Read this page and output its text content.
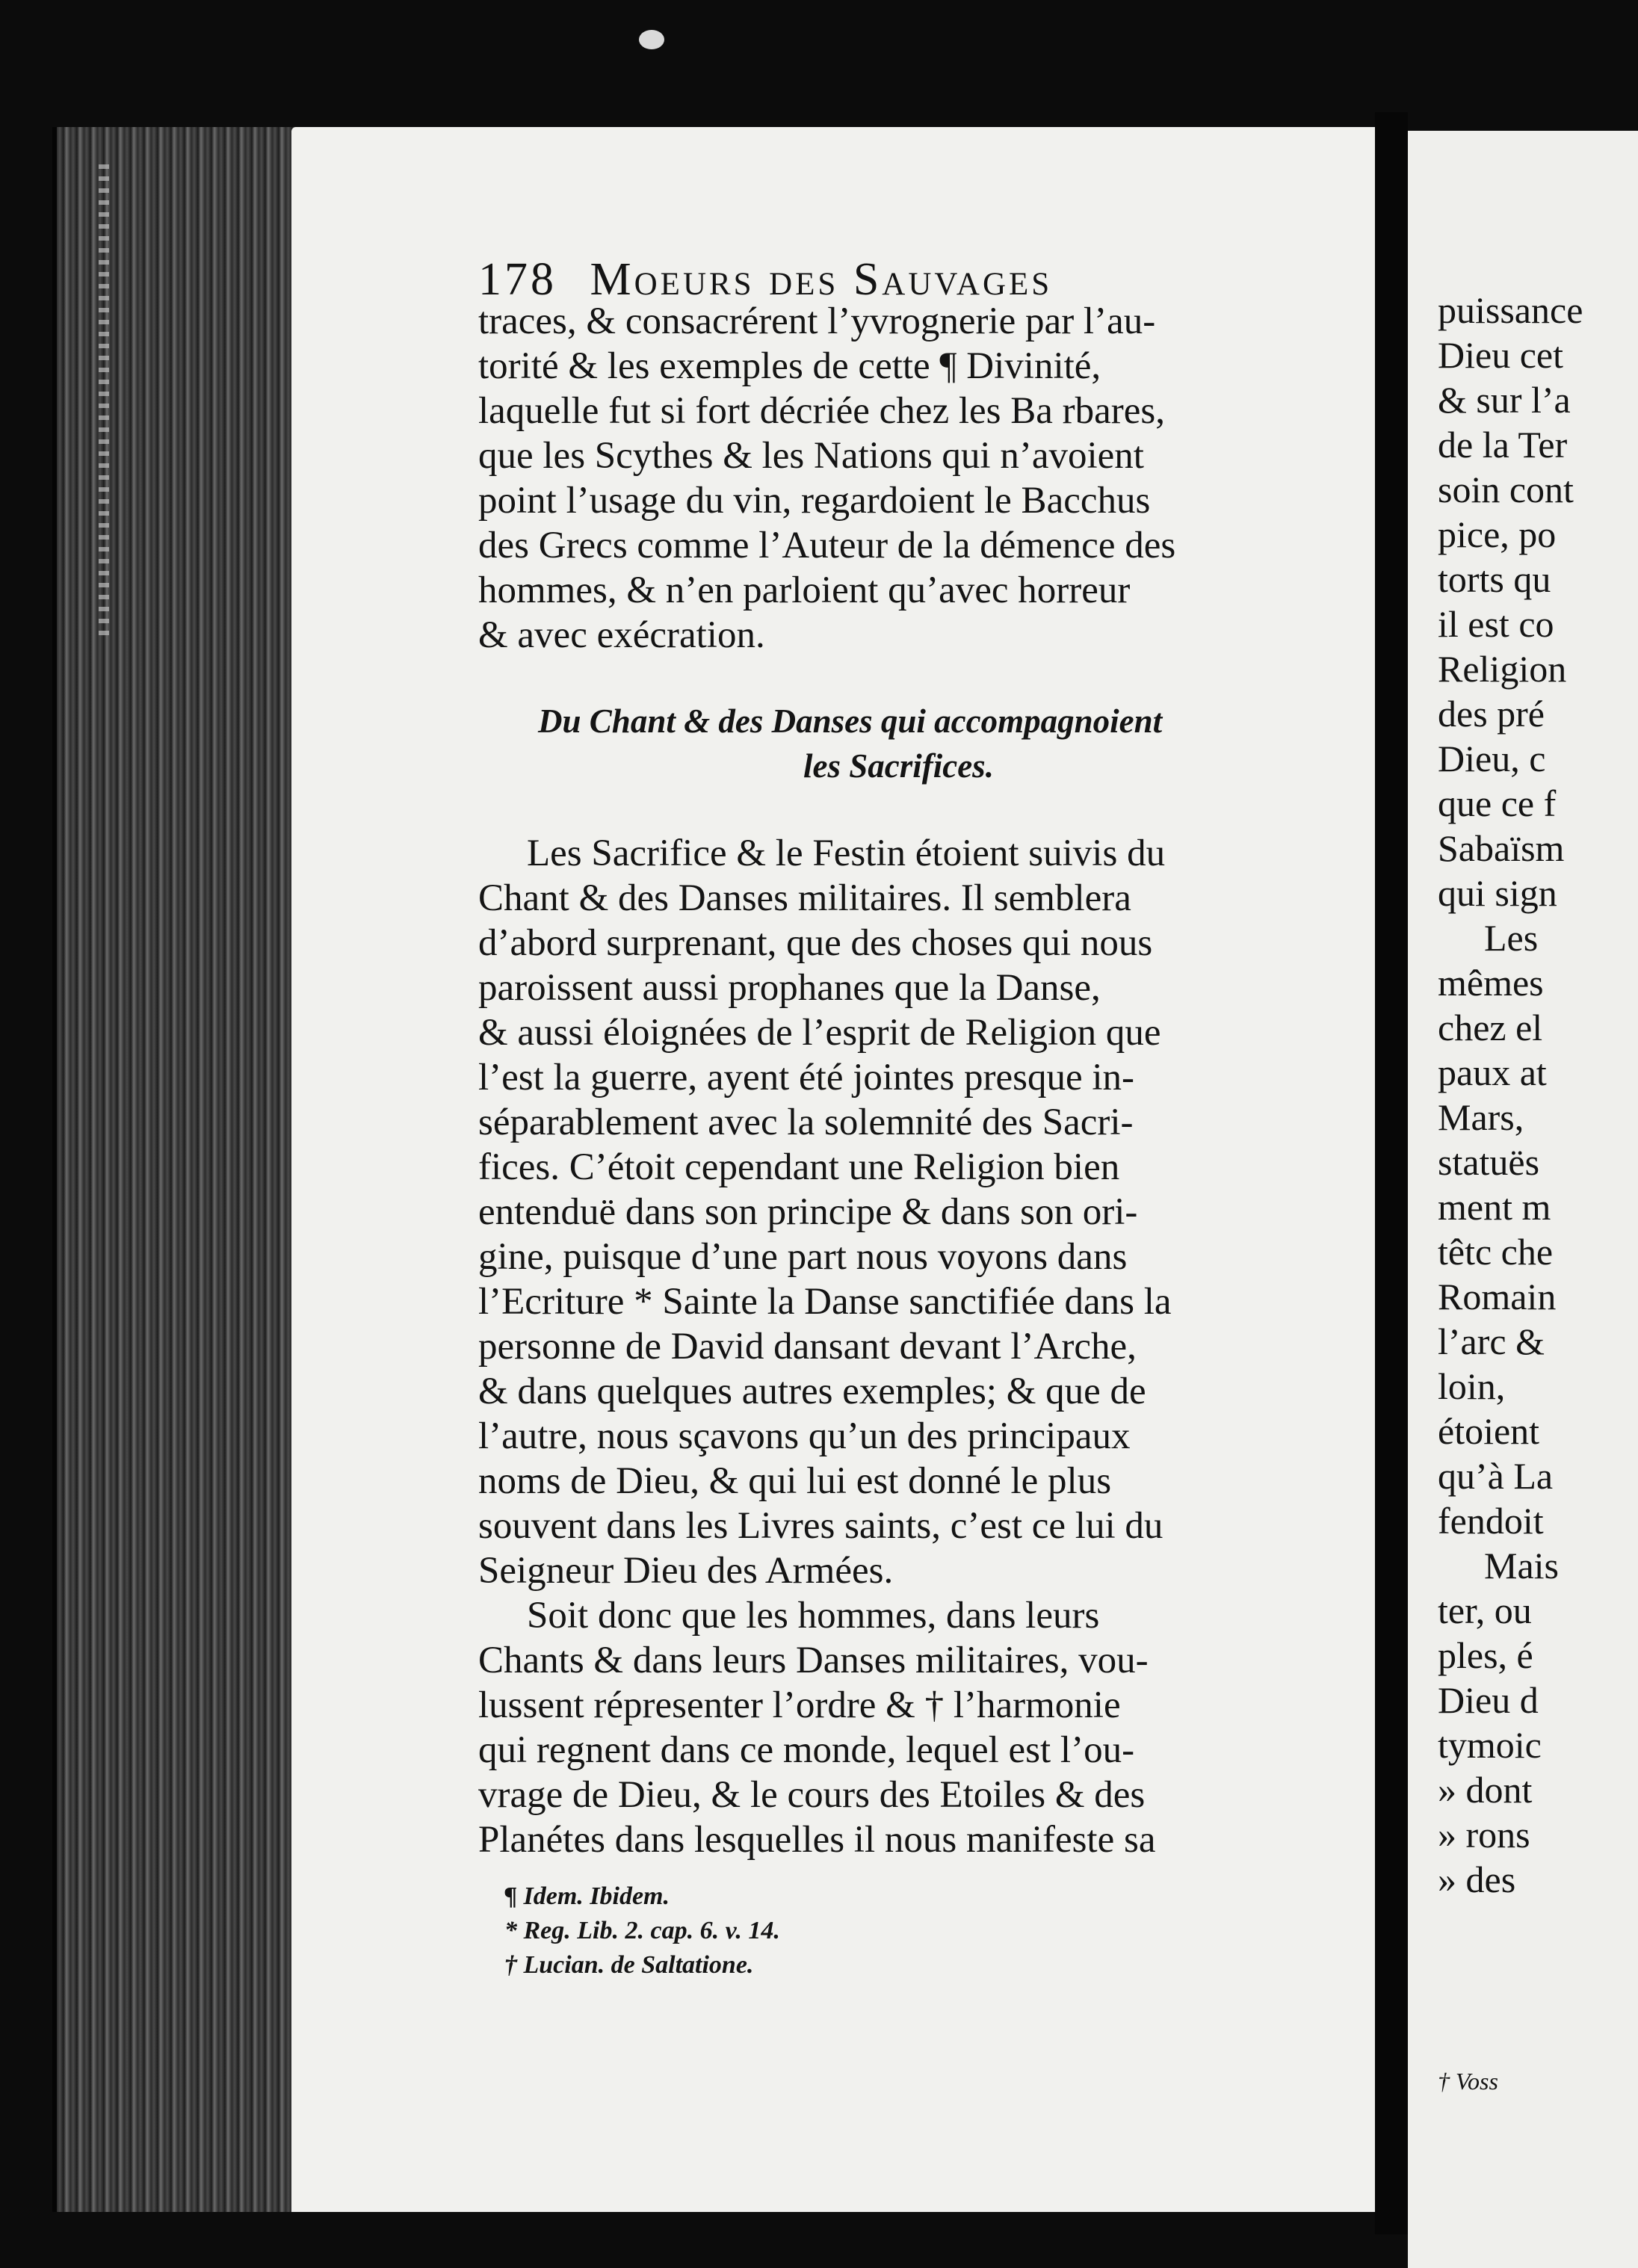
puissance
Dieu cet
& sur l’a
de la Ter
soin cont
pice, po
torts qu
il est co
Religion
des pré
Dieu, c
que ce f
Sabaïsm
qui sign
Les
mêmes
chez el
paux at
Mars,
statuës
ment m
têtc che
Romain
l’arc &
loin,
étoient
qu’à La
fendoit
Mais
ter, ou
ples, é
Dieu d
tymoic
» dont
» rons
» des
† Voss
178 Moeurs des Sauvages
traces, & consacrérent l’yvrognerie par l’au-
torité & les exemples de cette ¶ Divinité,
laquelle fut si fort décriée chez les Ba rbares,
que les Scythes & les Nations qui n’avoient
point l’usage du vin, regardoient le Bacchus
des Grecs comme l’Auteur de la démence des
hommes, & n’en parloient qu’avec horreur
& avec exécration.
Du Chant & des Danses qui accompagnoient
les Sacrifices.
Les Sacrifice & le Festin étoient suivis du
Chant & des Danses militaires. Il semblera
d’abord surprenant, que des choses qui nous
paroissent aussi prophanes que la Danse,
& aussi éloignées de l’esprit de Religion que
l’est la guerre, ayent été jointes presque in-
séparablement avec la solemnité des Sacri-
fices. C’étoit cependant une Religion bien
entenduë dans son principe & dans son ori-
gine, puisque d’une part nous voyons dans
l’Ecriture * Sainte la Danse sanctifiée dans la
personne de David dansant devant l’Arche,
& dans quelques autres exemples; & que de
l’autre, nous sçavons qu’un des principaux
noms de Dieu, & qui lui est donné le plus
souvent dans les Livres saints, c’est ce lui du
Seigneur Dieu des Armées.
Soit donc que les hommes, dans leurs
Chants & dans leurs Danses militaires, vou-
lussent répresenter l’ordre & † l’harmonie
qui regnent dans ce monde, lequel est l’ou-
vrage de Dieu, & le cours des Etoiles & des
Planétes dans lesquelles il nous manifeste sa
¶ Idem. Ibidem.
* Reg. Lib. 2. cap. 6. v. 14.
† Lucian. de Saltatione.
